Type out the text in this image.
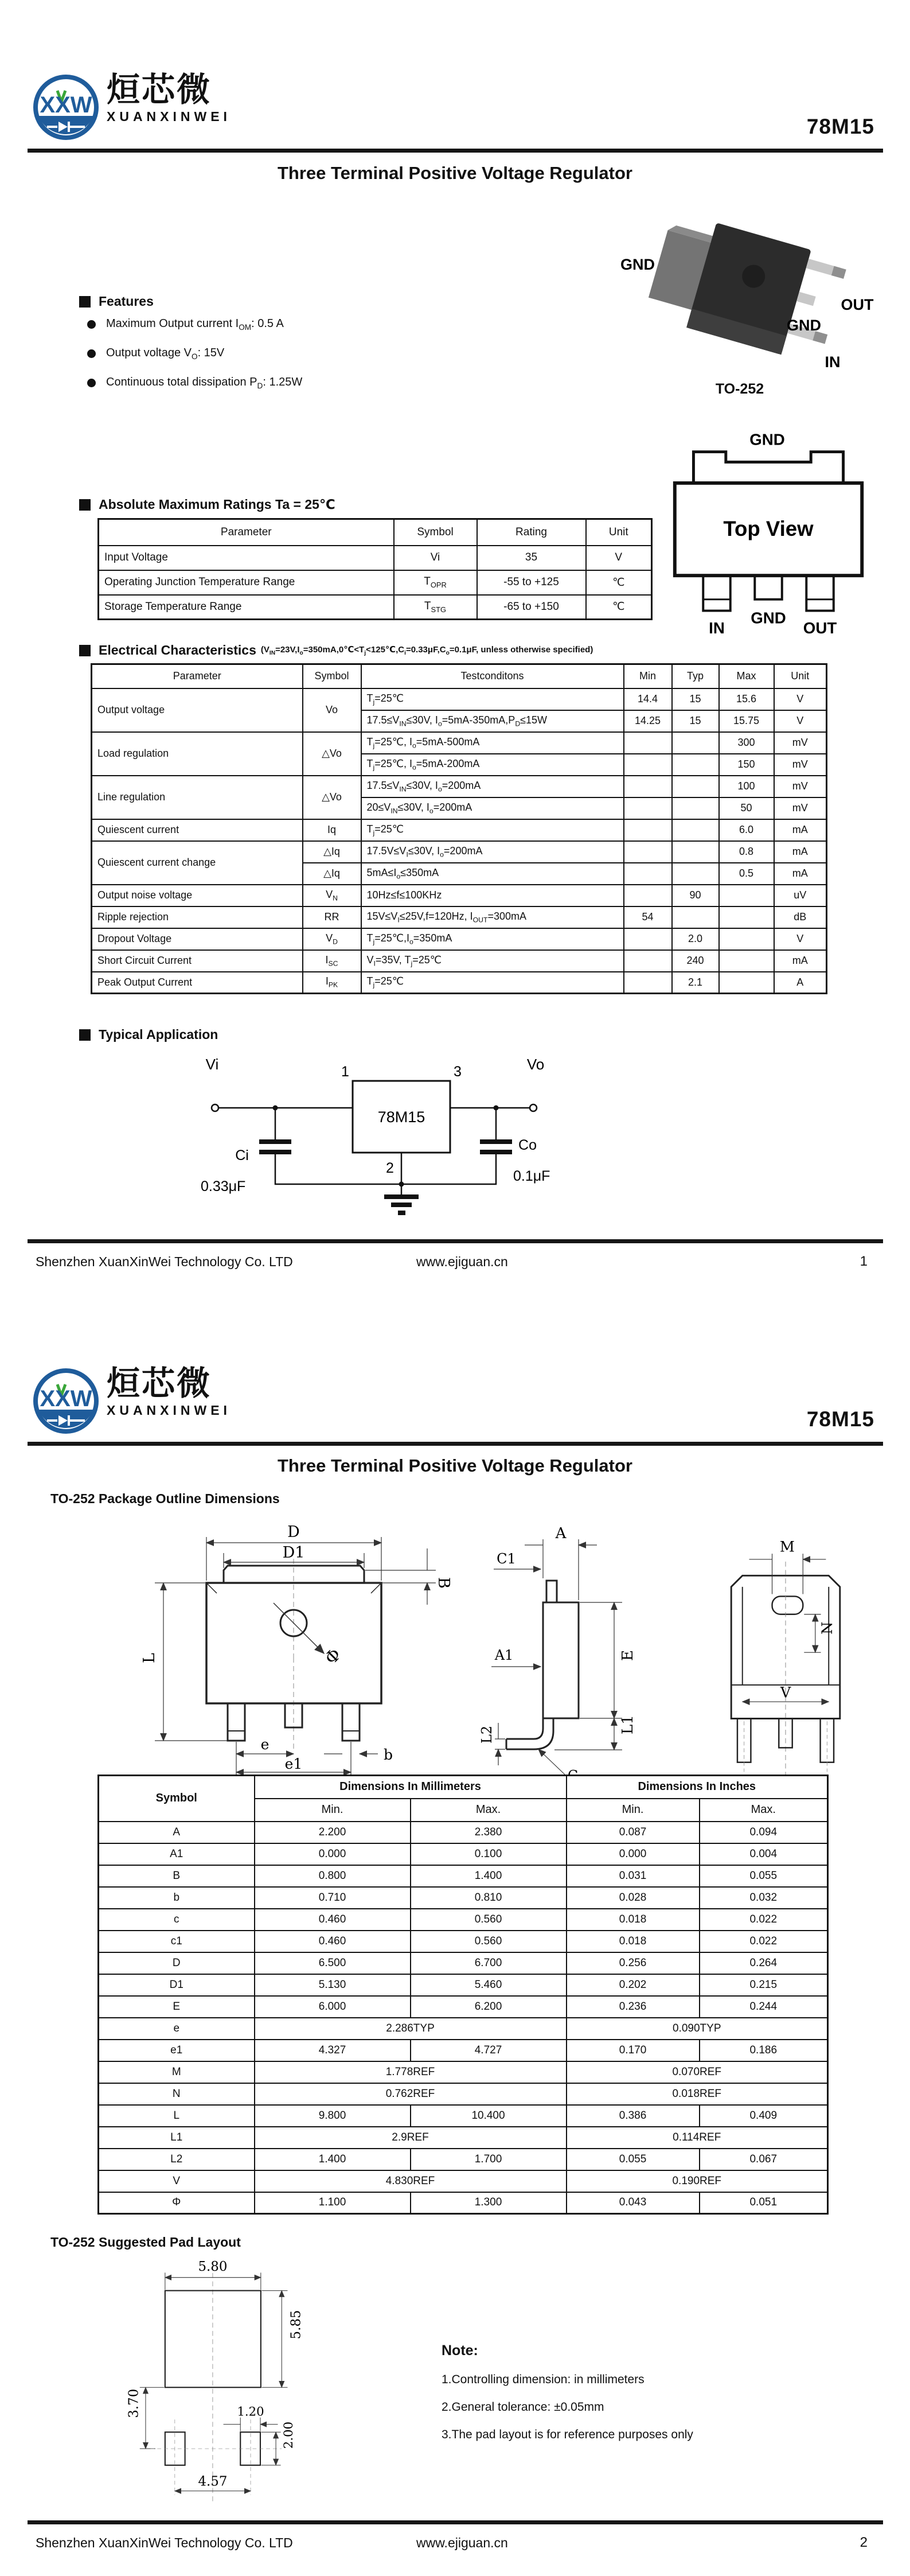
XXW 烜芯微
XUANXINWEI	78M15
Three Terminal Positive Voltage Regulator
Features
Maximum Output current $I_{OM}$: 0.5 A
Output voltage $V_O$: 15V
Continuous total dissipation $P_D$: 1.25W
GND
OUT
GND
IN
TO-252
Absolute Maximum Ratings Ta = 25℃
Parameter	Symbol	Rating	Unit
Input Voltage	Vi	35	V
Operating Junction Temperature Range	$T_{OPR}$	-55 to +125	℃
Storage Temperature Range	$T_{STG}$	-65 to +150	℃
GND
Top View
IN
GND
OUT
Electrical Characteristics ($V_{IN}=23V,I_o=350mA,0℃<T_j<125℃,C_i=0.33\mu F,C_o=0.1\mu F$, unless otherwise specified)
Parameter	Symbol	Testconditons	Min	Typ	Max	Unit
Output voltage	Vo	$T_j=25℃$	14.4	15	15.6	V
		$17.5\le V_{IN}\le 30V$, $I_o=5mA-350mA,P_D\le 15W$	14.25	15	15.75	V
Load regulation	△Vo	$T_j=25℃$, $I_o=5mA-500mA$			300	mV
		$T_j=25℃$, $I_o=5mA-200mA$			150	mV
Line regulation	△Vo	$17.5\le V_{IN}\le 30V$, $I_o=200mA$			100	mV
		$20\le V_{IN}\le 30V$, $I_o=200mA$			50	mV
Quiescent current	Iq	$T_j=25℃$			6.0	mA
Quiescent current change	△Iq	$17.5V\le V_I\le 30V$, $I_o=200mA$			0.8	mA
	△Iq	$5mA\le I_o\le 350mA$			0.5	mA
Output noise voltage	$V_N$	10Hz≤f≤100KHz		90		uV
Ripple rejection	RR	$15V\le V_I\le 25V,f=120Hz$, $I_{OUT}=300mA$	54			dB
Dropout Voltage	$V_D$	$T_j=25℃,I_o=350mA$		2.0		V
Short Circuit Current	$I_{SC}$	$V_I=35V$, $T_j=25℃$		240		mA
Peak Output Current	$I_{PK}$	$T_j=25℃$		2.1		A
Typical Application
Vi	Vo
78M15
1	3
2
Ci
0.33μF
Co
0.1μF
Shenzhen XuanXinWei Technology Co. LTD	www.ejiguan.cn	1
XXW 烜芯微
XUANXINWEI	78M15
Three Terminal Positive Voltage Regulator
TO-252 Package Outline Dimensions
Φ
D
D1
B
L
e
e1
b
A
C1
A1
L2
E
L1
M
N
V
Symbol	Dimensions In Millimeters		Dimensions In Inches	
	Min.	Max.	Min.	Max.
A	2.200	2.380	0.087	0.094
A1	0.000	0.100	0.000	0.004
B	0.800	1.400	0.031	0.055
b	0.710	0.810	0.028	0.032
c	0.460	0.560	0.018	0.022
c1	0.460	0.560	0.018	0.022
D	6.500	6.700	0.256	0.264
D1	5.130	5.460	0.202	0.215
E	6.000	6.200	0.236	0.244
e	2.286TYP		0.090TYP	
e1	4.327	4.727	0.170	0.186
M	1.778REF		0.070REF	
N	0.762REF		0.018REF	
L	9.800	10.400	0.386	0.409
L1	2.9REF		0.114REF	
L2	1.400	1.700	0.055	0.067
V	4.830REF		0.190REF	
Φ	1.100	1.300	0.043	0.051
TO-252 Suggested Pad Layout
5.80
5.85
3.70	1.20
2.00
4.57
Note:
1.Controlling dimension: in millimeters
2.General tolerance: ±0.05mm
3.The pad layout is for reference purposes only
Shenzhen XuanXinWei Technology Co. LTD	www.ejiguan.cn	2
